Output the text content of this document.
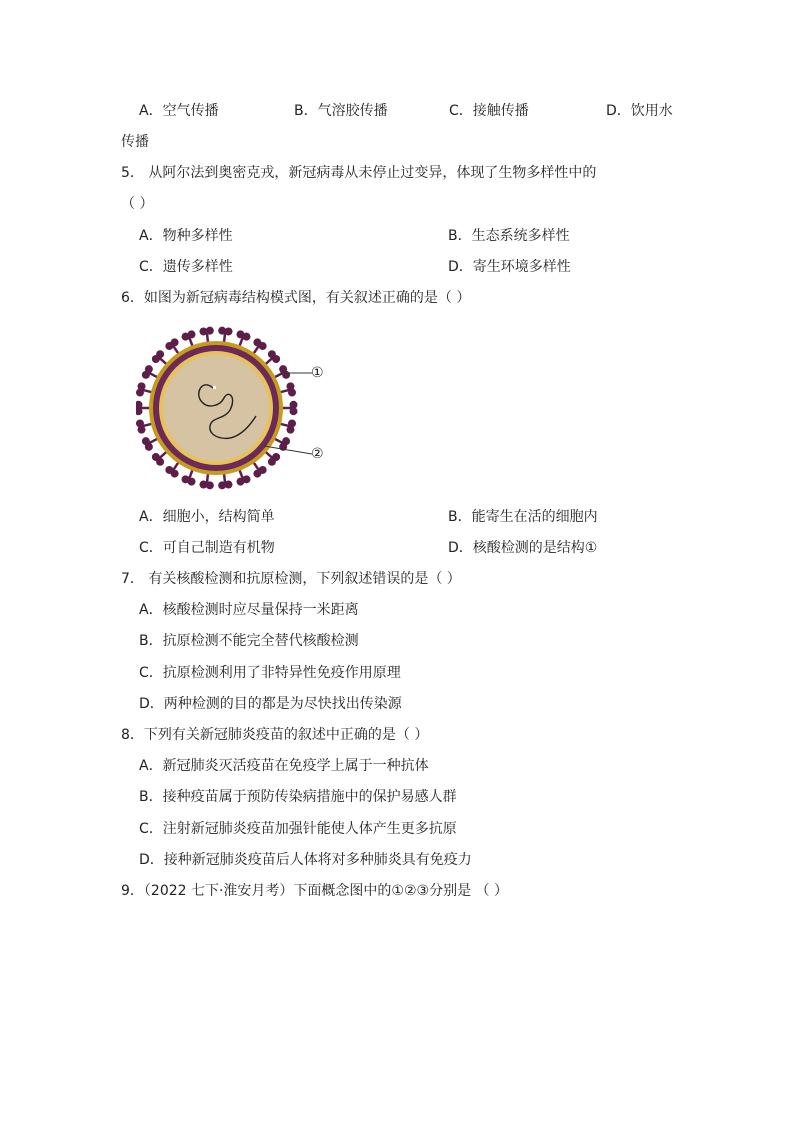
A．空气传播	B．气溶胶传播	C．接触传播	D．饮用水
传播
5． 从阿尔法到奥密克戎，新冠病毒从未停止过变异，体现了生物多样性中的
（ ）
A．物种多样性	B．生态系统多样性
C．遗传多样性	D．寄生环境多样性
6．如图为新冠病毒结构模式图，有关叙述正确的是（ ）
①
②
A．细胞小，结构简单	B．能寄生在活的细胞内
C．可自己制造有机物	D．核酸检测的是结构①
7． 有关核酸检测和抗原检测，下列叙述错误的是（ ）
A．核酸检测时应尽量保持一米距离
B．抗原检测不能完全替代核酸检测
C．抗原检测利用了非特异性免疫作用原理
D．两种检测的目的都是为尽快找出传染源
8．下列有关新冠肺炎疫苗的叙述中正确的是（ ）
A．新冠肺炎灭活疫苗在免疫学上属于一种抗体
B．接种疫苗属于预防传染病措施中的保护易感人群
C．注射新冠肺炎疫苗加强针能使人体产生更多抗原
D．接种新冠肺炎疫苗后人体将对多种肺炎具有免疫力
9．（2022 七下·淮安月考）下面概念图中的①②③分别是 （ ）
